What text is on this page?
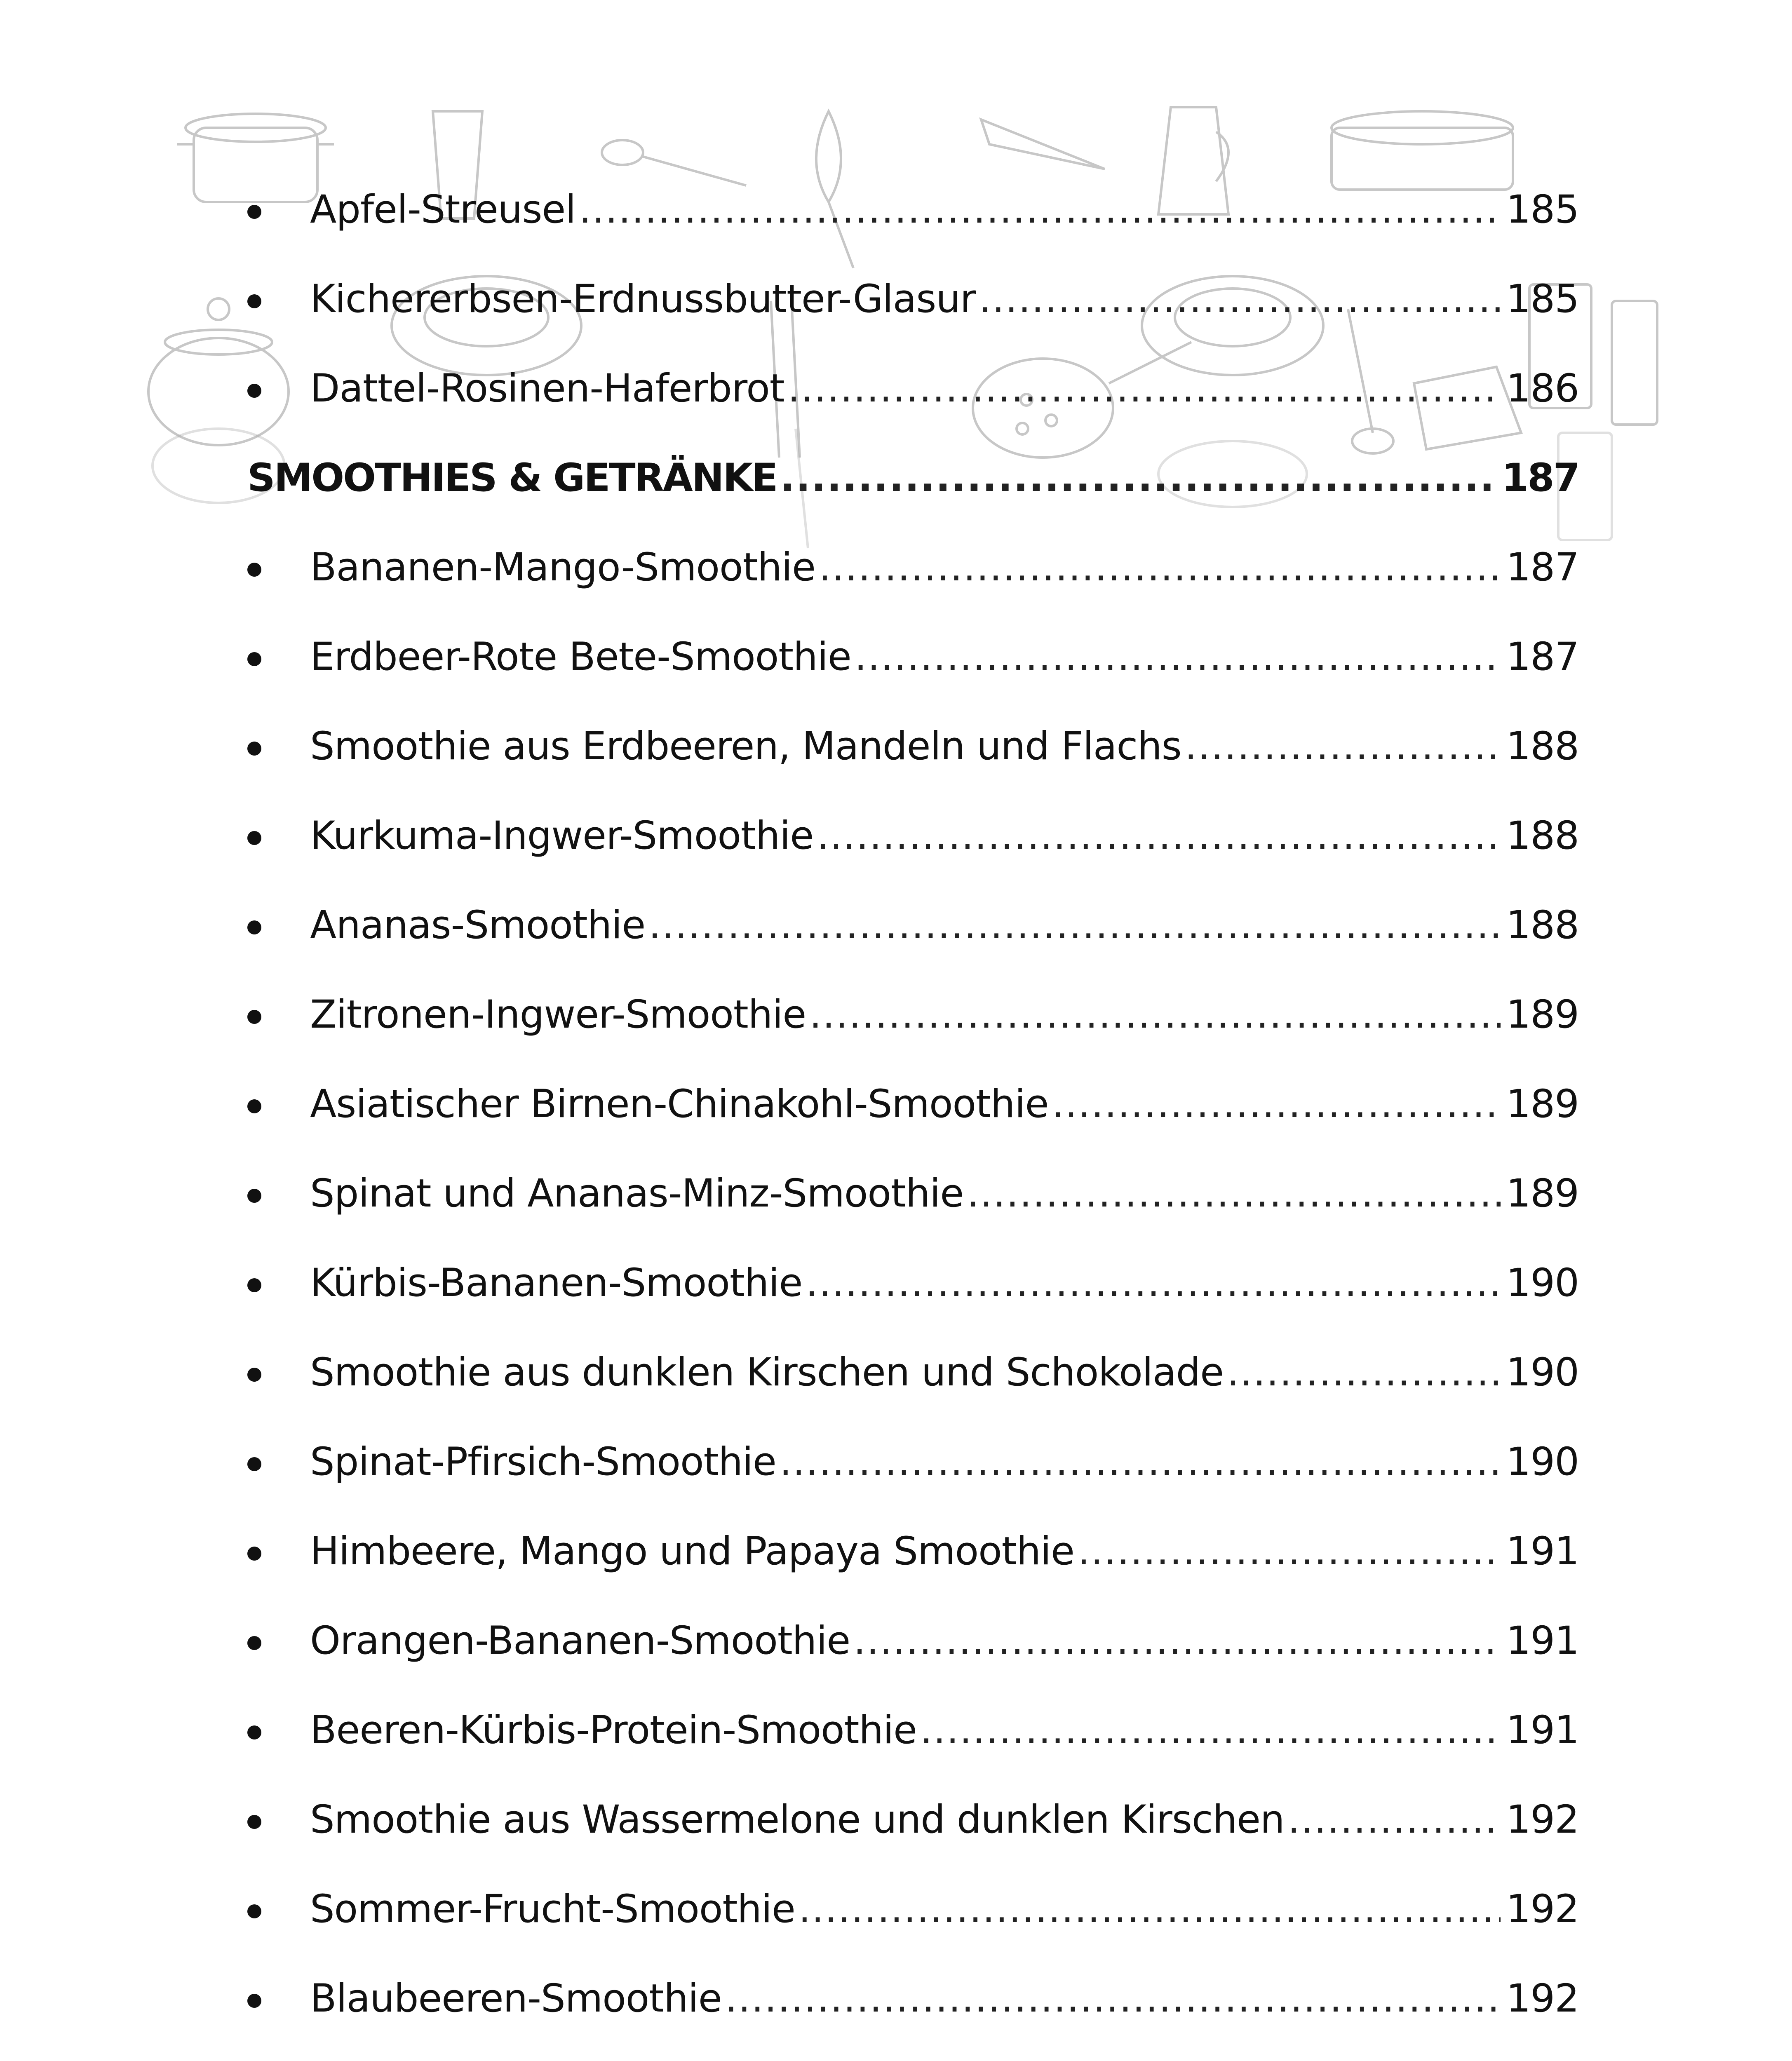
Apfel-Streusel .....	185
Kichererbsen-Erdnussbutter-Glasur .....	185
Dattel-Rosinen-Haferbrot .....	186
SMOOTHIES & GETRÄNKE .....	187
Bananen-Mango-Smoothie .....	187
Erdbeer-Rote Bete-Smoothie .....	187
Smoothie aus Erdbeeren, Mandeln und Flachs .....	188
Kurkuma-Ingwer-Smoothie .....	188
Ananas-Smoothie .....	188
Zitronen-Ingwer-Smoothie .....	189
Asiatischer Birnen-Chinakohl-Smoothie .....	189
Spinat und Ananas-Minz-Smoothie .....	189
Kürbis-Bananen-Smoothie .....	190
Smoothie aus dunklen Kirschen und Schokolade .....	190
Spinat-Pfirsich-Smoothie .....	190
Himbeere, Mango und Papaya Smoothie .....	191
Orangen-Bananen-Smoothie .....	191
Beeren-Kürbis-Protein-Smoothie .....	191
Smoothie aus Wassermelone und dunklen Kirschen .....	192
Sommer-Frucht-Smoothie .....	192
Blaubeeren-Smoothie .....	192
